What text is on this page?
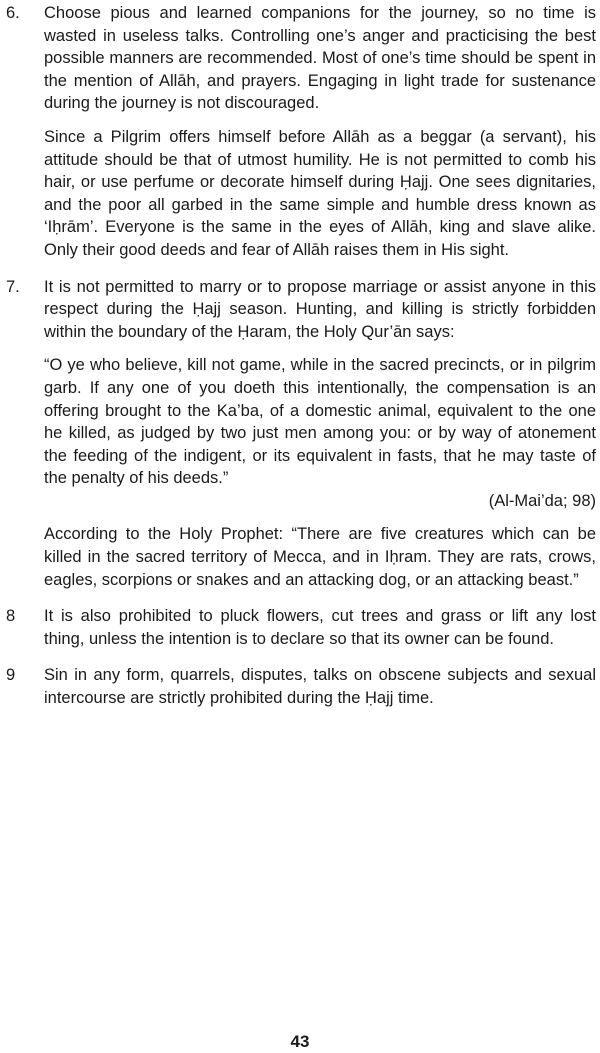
6.	Choose pious and learned companions for the journey, so no time is wasted in useless talks. Controlling one’s anger and practicising the best possible manners are recommended. Most of one’s time should be spent in the mention of Allāh, and prayers. Engaging in light trade for sustenance during the journey is not discouraged.

Since a Pilgrim offers himself before Allāh as a beggar (a servant), his attitude should be that of utmost humility. He is not permitted to comb his hair, or use perfume or decorate himself during Ḥajj. One sees dignitaries, and the poor all garbed in the same simple and humble dress known as ‘Iḥrām’. Everyone is the same in the eyes of Allāh, king and slave alike. Only their good deeds and fear of Allāh raises them in His sight.

7.	It is not permitted to marry or to propose marriage or assist anyone in this respect during the Ḥajj season. Hunting, and killing is strictly forbidden within the boundary of the Ḥaram, the Holy Qur’ān says:

“O ye who believe, kill not game, while in the sacred precincts, or in pilgrim garb. If any one of you doeth this intentionally, the compensation is an offering brought to the Ka’ba, of a domestic animal, equivalent to the one he killed, as judged by two just men among you: or by way of atonement the feeding of the indigent, or its equivalent in fasts, that he may taste of the penalty of his deeds.”

(Al-Mai’da; 98)

According to the Holy Prophet: “There are five creatures which can be killed in the sacred territory of Mecca, and in Iḥram. They are rats, crows, eagles, scorpions or snakes and an attacking dog, or an attacking beast.”

8	It is also prohibited to pluck flowers, cut trees and grass or lift any lost thing, unless the intention is to declare so that its owner can be found.

9	Sin in any form, quarrels, disputes, talks on obscene subjects and sexual intercourse are strictly prohibited during the Ḥajj time.

43
